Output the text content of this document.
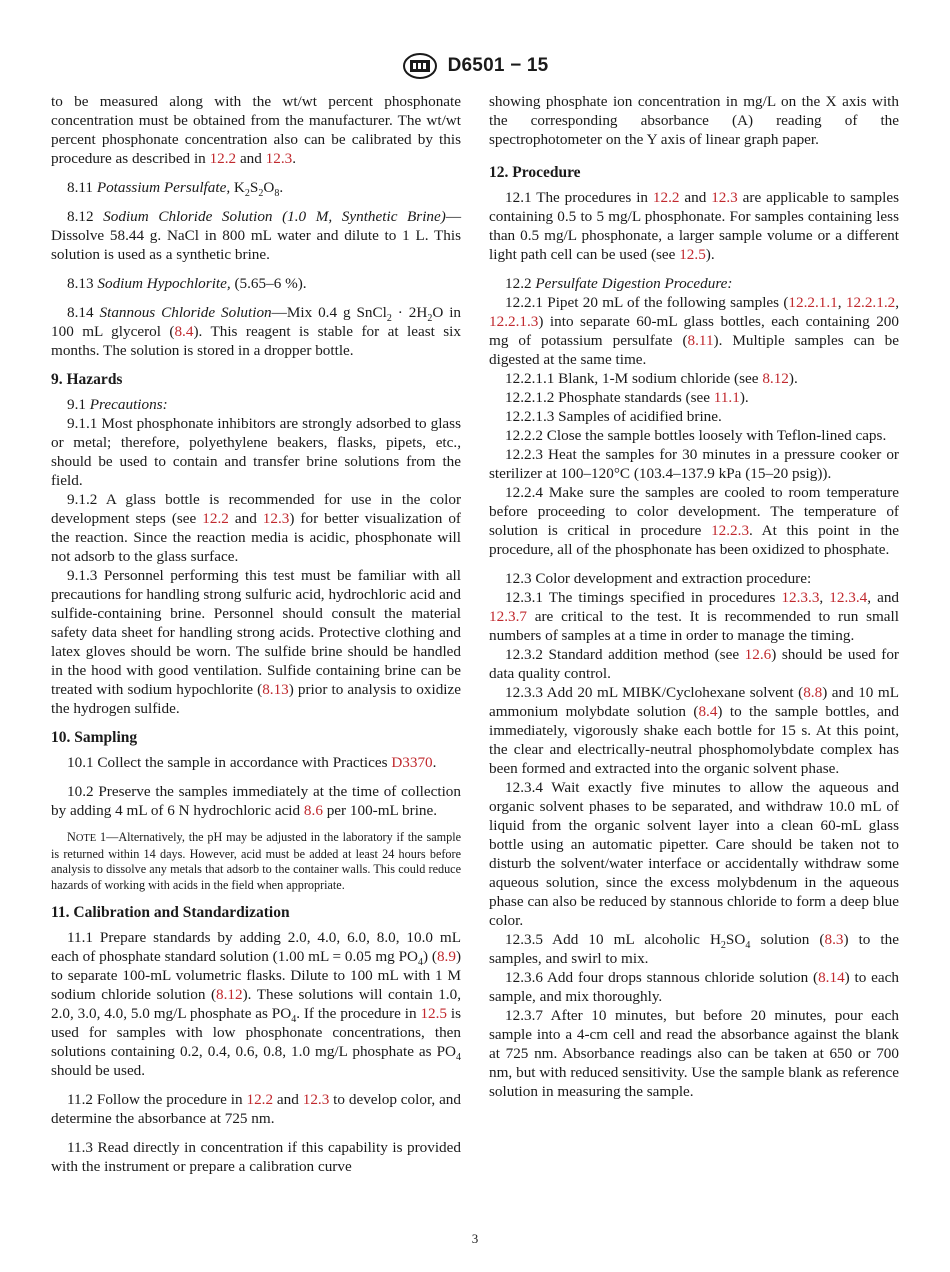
D6501 − 15

to be measured along with the wt/wt percent phosphonate concentration must be obtained from the manufacturer. The wt/wt percent phosphonate concentration also can be calibrated by this procedure as described in 12.2 and 12.3.

8.11 Potassium Persulfate, $K_2S_2O_8$.

8.12 Sodium Chloride Solution (1.0 M, Synthetic Brine)—Dissolve 58.44 g. NaCl in 800 mL water and dilute to 1 L. This solution is used as a synthetic brine.

8.13 Sodium Hypochlorite, (5.65–6 %).

8.14 Stannous Chloride Solution—Mix 0.4 g SnCl$_2$ · $2H_2O$ in 100 mL glycerol (8.4). This reagent is stable for at least six months. The solution is stored in a dropper bottle.

9. Hazards

9.1 Precautions:

9.1.1 Most phosphonate inhibitors are strongly adsorbed to glass or metal; therefore, polyethylene beakers, flasks, pipets, etc., should be used to contain and transfer brine solutions from the field.

9.1.2 A glass bottle is recommended for use in the color development steps (see 12.2 and 12.3) for better visualization of the reaction. Since the reaction media is acidic, phosphonate will not adsorb to the glass surface.

9.1.3 Personnel performing this test must be familiar with all precautions for handling strong sulfuric acid, hydrochloric acid and sulfide-containing brine. Personnel should consult the material safety data sheet for handling strong acids. Protective clothing and latex gloves should be worn. The sulfide brine should be handled in the hood with good ventilation. Sulfide containing brine can be treated with sodium hypochlorite (8.13) prior to analysis to oxidize the hydrogen sulfide.

10. Sampling

10.1 Collect the sample in accordance with Practices D3370.

10.2 Preserve the samples immediately at the time of collection by adding 4 mL of 6 N hydrochloric acid 8.6 per 100-mL brine.

NOTE 1—Alternatively, the pH may be adjusted in the laboratory if the sample is returned within 14 days. However, acid must be added at least 24 hours before analysis to dissolve any metals that adsorb to the container walls. This could reduce hazards of working with acids in the field when appropriate.

11. Calibration and Standardization

11.1 Prepare standards by adding 2.0, 4.0, 6.0, 8.0, 10.0 mL each of phosphate standard solution (1.00 mL = 0.05 mg $PO_4$) (8.9) to separate 100-mL volumetric flasks. Dilute to 100 mL with 1 M sodium chloride solution (8.12). These solutions will contain 1.0, 2.0, 3.0, 4.0, 5.0 mg/L phosphate as $PO_4$. If the procedure in 12.5 is used for samples with low phosphonate concentrations, then solutions containing 0.2, 0.4, 0.6, 0.8, 1.0 mg/L phosphate as $PO_4$ should be used.

11.2 Follow the procedure in 12.2 and 12.3 to develop color, and determine the absorbance at 725 nm.

11.3 Read directly in concentration if this capability is provided with the instrument or prepare a calibration curve

showing phosphate ion concentration in mg/L on the X axis with the corresponding absorbance (A) reading of the spectrophotometer on the Y axis of linear graph paper.

12. Procedure

12.1 The procedures in 12.2 and 12.3 are applicable to samples containing 0.5 to 5 mg/L phosphonate. For samples containing less than 0.5 mg/L phosphonate, a larger sample volume or a different light path cell can be used (see 12.5).

12.2 Persulfate Digestion Procedure:

12.2.1 Pipet 20 mL of the following samples (12.2.1.1, 12.2.1.2, 12.2.1.3) into separate 60-mL glass bottles, each containing 200 mg of potassium persulfate (8.11). Multiple samples can be digested at the same time.

12.2.1.1 Blank, 1-M sodium chloride (see 8.12).

12.2.1.2 Phosphate standards (see 11.1).

12.2.1.3 Samples of acidified brine.

12.2.2 Close the sample bottles loosely with Teflon-lined caps.

12.2.3 Heat the samples for 30 minutes in a pressure cooker or sterilizer at 100–120°C (103.4–137.9 kPa (15–20 psig)).

12.2.4 Make sure the samples are cooled to room temperature before proceeding to color development. The temperature of solution is critical in procedure 12.2.3. At this point in the procedure, all of the phosphonate has been oxidized to phosphate.

12.3 Color development and extraction procedure:

12.3.1 The timings specified in procedures 12.3.3, 12.3.4, and 12.3.7 are critical to the test. It is recommended to run small numbers of samples at a time in order to manage the timing.

12.3.2 Standard addition method (see 12.6) should be used for data quality control.

12.3.3 Add 20 mL MIBK/Cyclohexane solvent (8.8) and 10 mL ammonium molybdate solution (8.4) to the sample bottles, and immediately, vigorously shake each bottle for 15 s. At this point, the clear and electrically-neutral phosphomolybdate complex has been formed and extracted into the organic solvent phase.

12.3.4 Wait exactly five minutes to allow the aqueous and organic solvent phases to be separated, and withdraw 10.0 mL of liquid from the organic solvent layer into a clean 60-mL glass bottle using an automatic pipetter. Care should be taken not to disturb the solvent/water interface or accidentally withdraw some aqueous solution, since the excess molybdenum in the aqueous phase can also be reduced by stannous chloride to form a deep blue color.

12.3.5 Add 10 mL alcoholic $H_2SO_4$ solution (8.3) to the samples, and swirl to mix.

12.3.6 Add four drops stannous chloride solution (8.14) to each sample, and mix thoroughly.

12.3.7 After 10 minutes, but before 20 minutes, pour each sample into a 4-cm cell and read the absorbance against the blank at 725 nm. Absorbance readings also can be taken at 650 or 700 nm, but with reduced sensitivity. Use the sample blank as reference solution in measuring the sample.

3
